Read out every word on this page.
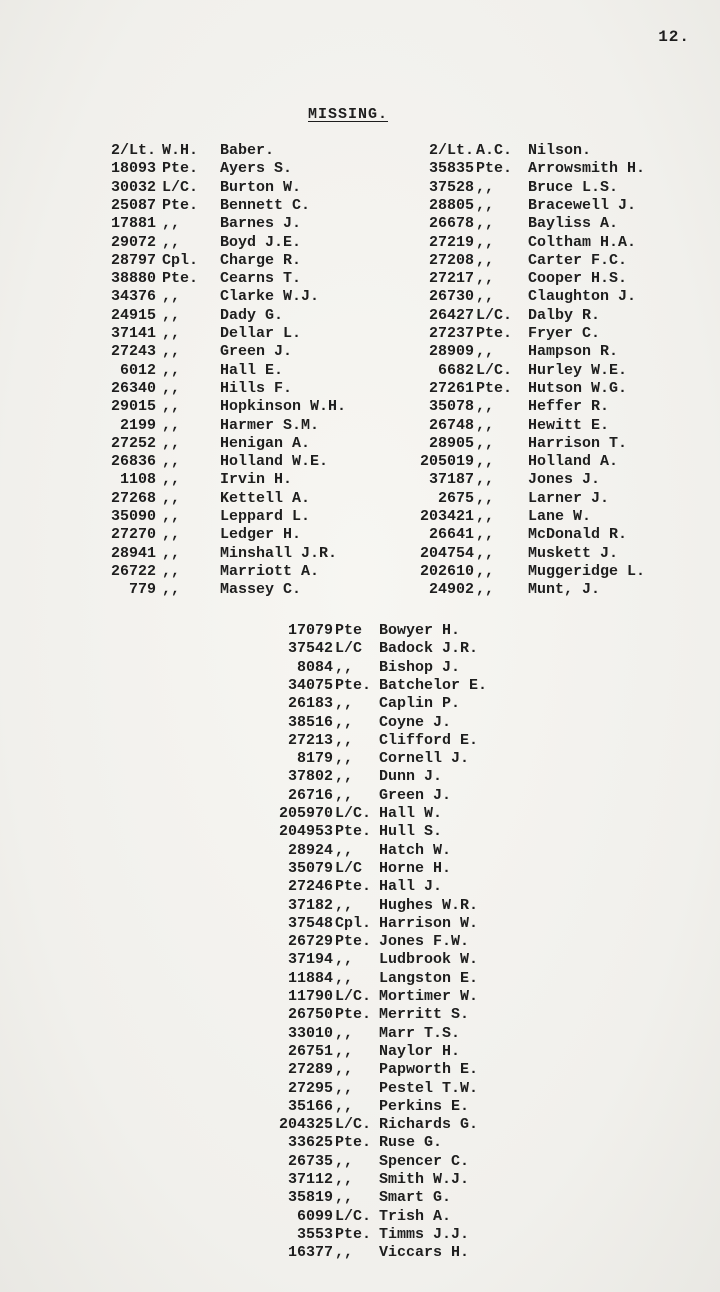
12.
MISSING.
2/Lt. W.H.	Baber.
18093 Pte.	Ayers S.
30032 L/C.	Burton W.
25087 Pte.	Bennett C.
17881 ,,	Barnes J.
29072 ,,	Boyd J.E.
28797 Cpl.	Charge R.
38880 Pte.	Cearns T.
34376 ,,	Clarke W.J.
24915 ,,	Dady G.
37141 ,,	Dellar L.
27243 ,,	Green J.
6012 ,,	Hall E.
26340 ,,	Hills F.
29015 ,,	Hopkinson W.H.
2199 ,,	Harmer S.M.
27252 ,,	Henigan A.
26836 ,,	Holland W.E.
1108 ,,	Irvin H.
27268 ,,	Kettell A.
35090 ,,	Leppard L.
27270 ,,	Ledger H.
28941 ,,	Minshall J.R.
26722 ,,	Marriott A.
779 ,,	Massey C.
2/Lt. A.C.	Nilson.
35835 Pte.	Arrowsmith H.
37528 ,,	Bruce L.S.
28805 ,,	Bracewell J.
26678 ,,	Bayliss A.
27219 ,,	Coltham H.A.
27208 ,,	Carter F.C.
27217 ,,	Cooper H.S.
26730 ,,	Claughton J.
26427 L/C.	Dalby R.
27237 Pte.	Fryer C.
28909 ,,	Hampson R.
6682 L/C.	Hurley W.E.
27261 Pte.	Hutson W.G.
35078 ,,	Heffer R.
26748 ,,	Hewitt E.
28905 ,,	Harrison T.
205019 ,,	Holland A.
37187 ,,	Jones J.
2675 ,,	Larner J.
203421 ,,	Lane W.
26641 ,,	McDonald R.
204754 ,,	Muskett J.
202610 ,,	Muggeridge L.
24902 ,,	Munt, J.
17079 Pte	Bowyer H.
37542 L/C	Badock J.R.
8084 ,,	Bishop J.
34075 Pte. Batchelor E.
26183 ,,	Caplin P.
38516 ,,	Coyne J.
27213 ,,	Clifford E.
8179 ,,	Cornell J.
37802 ,,	Dunn J.
26716 ,,	Green J.
205970 L/C. Hall W.
204953 Pte. Hull S.
28924 ,,	Hatch W.
35079 L/C	Horne H.
27246 Pte. Hall J.
37182 ,,	Hughes W.R.
37548 Cpl. Harrison W.
26729 Pte. Jones F.W.
37194 ,,	Ludbrook W.
11884 ,,	Langston E.
11790 L/C. Mortimer W.
26750 Pte. Merritt S.
33010 ,,	Marr T.S.
26751 ,,	Naylor H.
27289 ,,	Papworth E.
27295 ,,	Pestel T.W.
35166 ,,	Perkins E.
204325 L/C. Richards G.
33625 Pte. Ruse G.
26735 ,,	Spencer C.
37112 ,,	Smith W.J.
35819 ,,	Smart G.
6099 L/C. Trish A.
3553 Pte. Timms J.J.
16377 ,,	Viccars H.
